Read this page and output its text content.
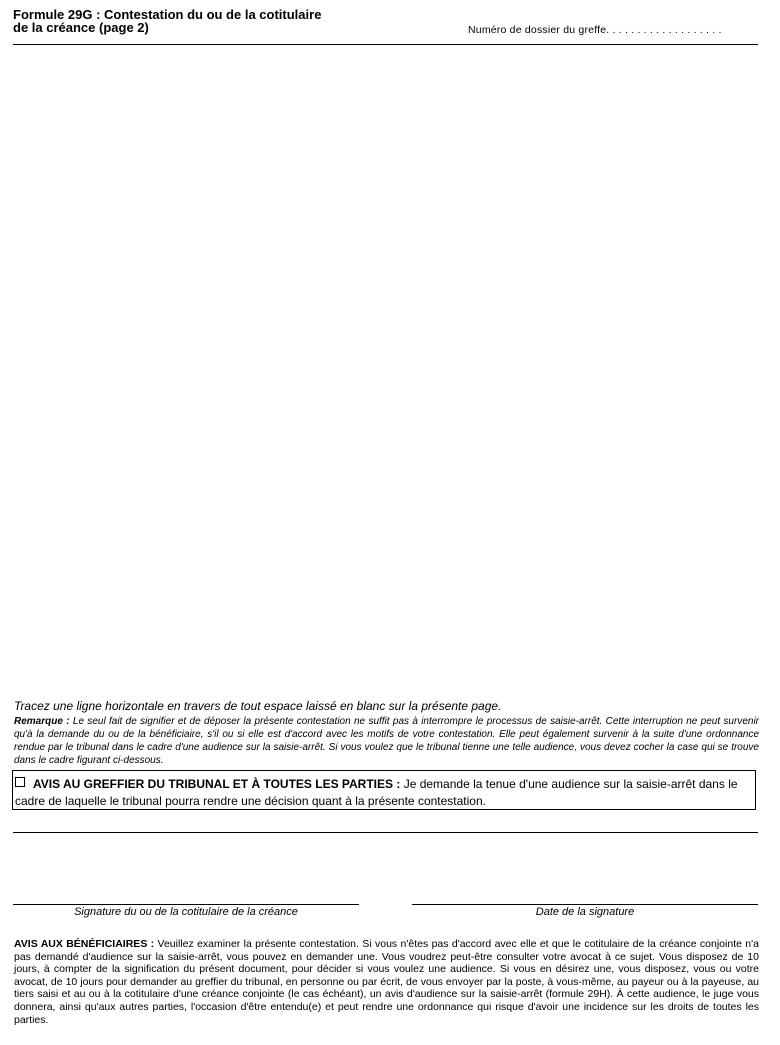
Formule 29G : Contestation du ou de la cotitulaire
de la créance (page 2)	Numéro de dossier du greffe. . . . . . . . . . . . . . . . . . .
Tracez une ligne horizontale en travers de tout espace laissé en blanc sur la présente page.
Remarque : Le seul fait de signifier et de déposer la présente contestation ne suffit pas à interrompre le processus de saisie-arrêt. Cette interruption ne peut survenir qu'à la demande du ou de la bénéficiaire, s'il ou si elle est d'accord avec les motifs de votre contestation. Elle peut également survenir à la suite d'une ordonnance rendue par le tribunal dans le cadre d'une audience sur la saisie-arrêt. Si vous voulez que le tribunal tienne une telle audience, vous devez cocher la case qui se trouve dans le cadre figurant ci-dessous.
AVIS AU GREFFIER DU TRIBUNAL ET À TOUTES LES PARTIES : Je demande la tenue d'une audience sur la saisie-arrêt dans le cadre de laquelle le tribunal pourra rendre une décision quant à la présente contestation.
Signature du ou de la cotitulaire de la créance	Date de la signature
AVIS AUX BÉNÉFICIAIRES : Veuillez examiner la présente contestation. Si vous n'êtes pas d'accord avec elle et que le cotitulaire de la créance conjointe n'a pas demandé d'audience sur la saisie-arrêt, vous pouvez en demander une. Vous voudrez peut-être consulter votre avocat à ce sujet. Vous disposez de 10 jours, à compter de la signification du présent document, pour décider si vous voulez une audience. Si vous en désirez une, vous disposez, vous ou votre avocat, de 10 jours pour demander au greffier du tribunal, en personne ou par écrit, de vous envoyer par la poste, à vous-même, au payeur ou à la payeuse, au tiers saisi et au ou à la cotitulaire d'une créance conjointe (le cas échéant), un avis d'audience sur la saisie-arrêt (formule 29H). À cette audience, le juge vous donnera, ainsi qu'aux autres parties, l'occasion d'être entendu(e) et peut rendre une ordonnance qui risque d'avoir une incidence sur les droits de toutes les parties.
